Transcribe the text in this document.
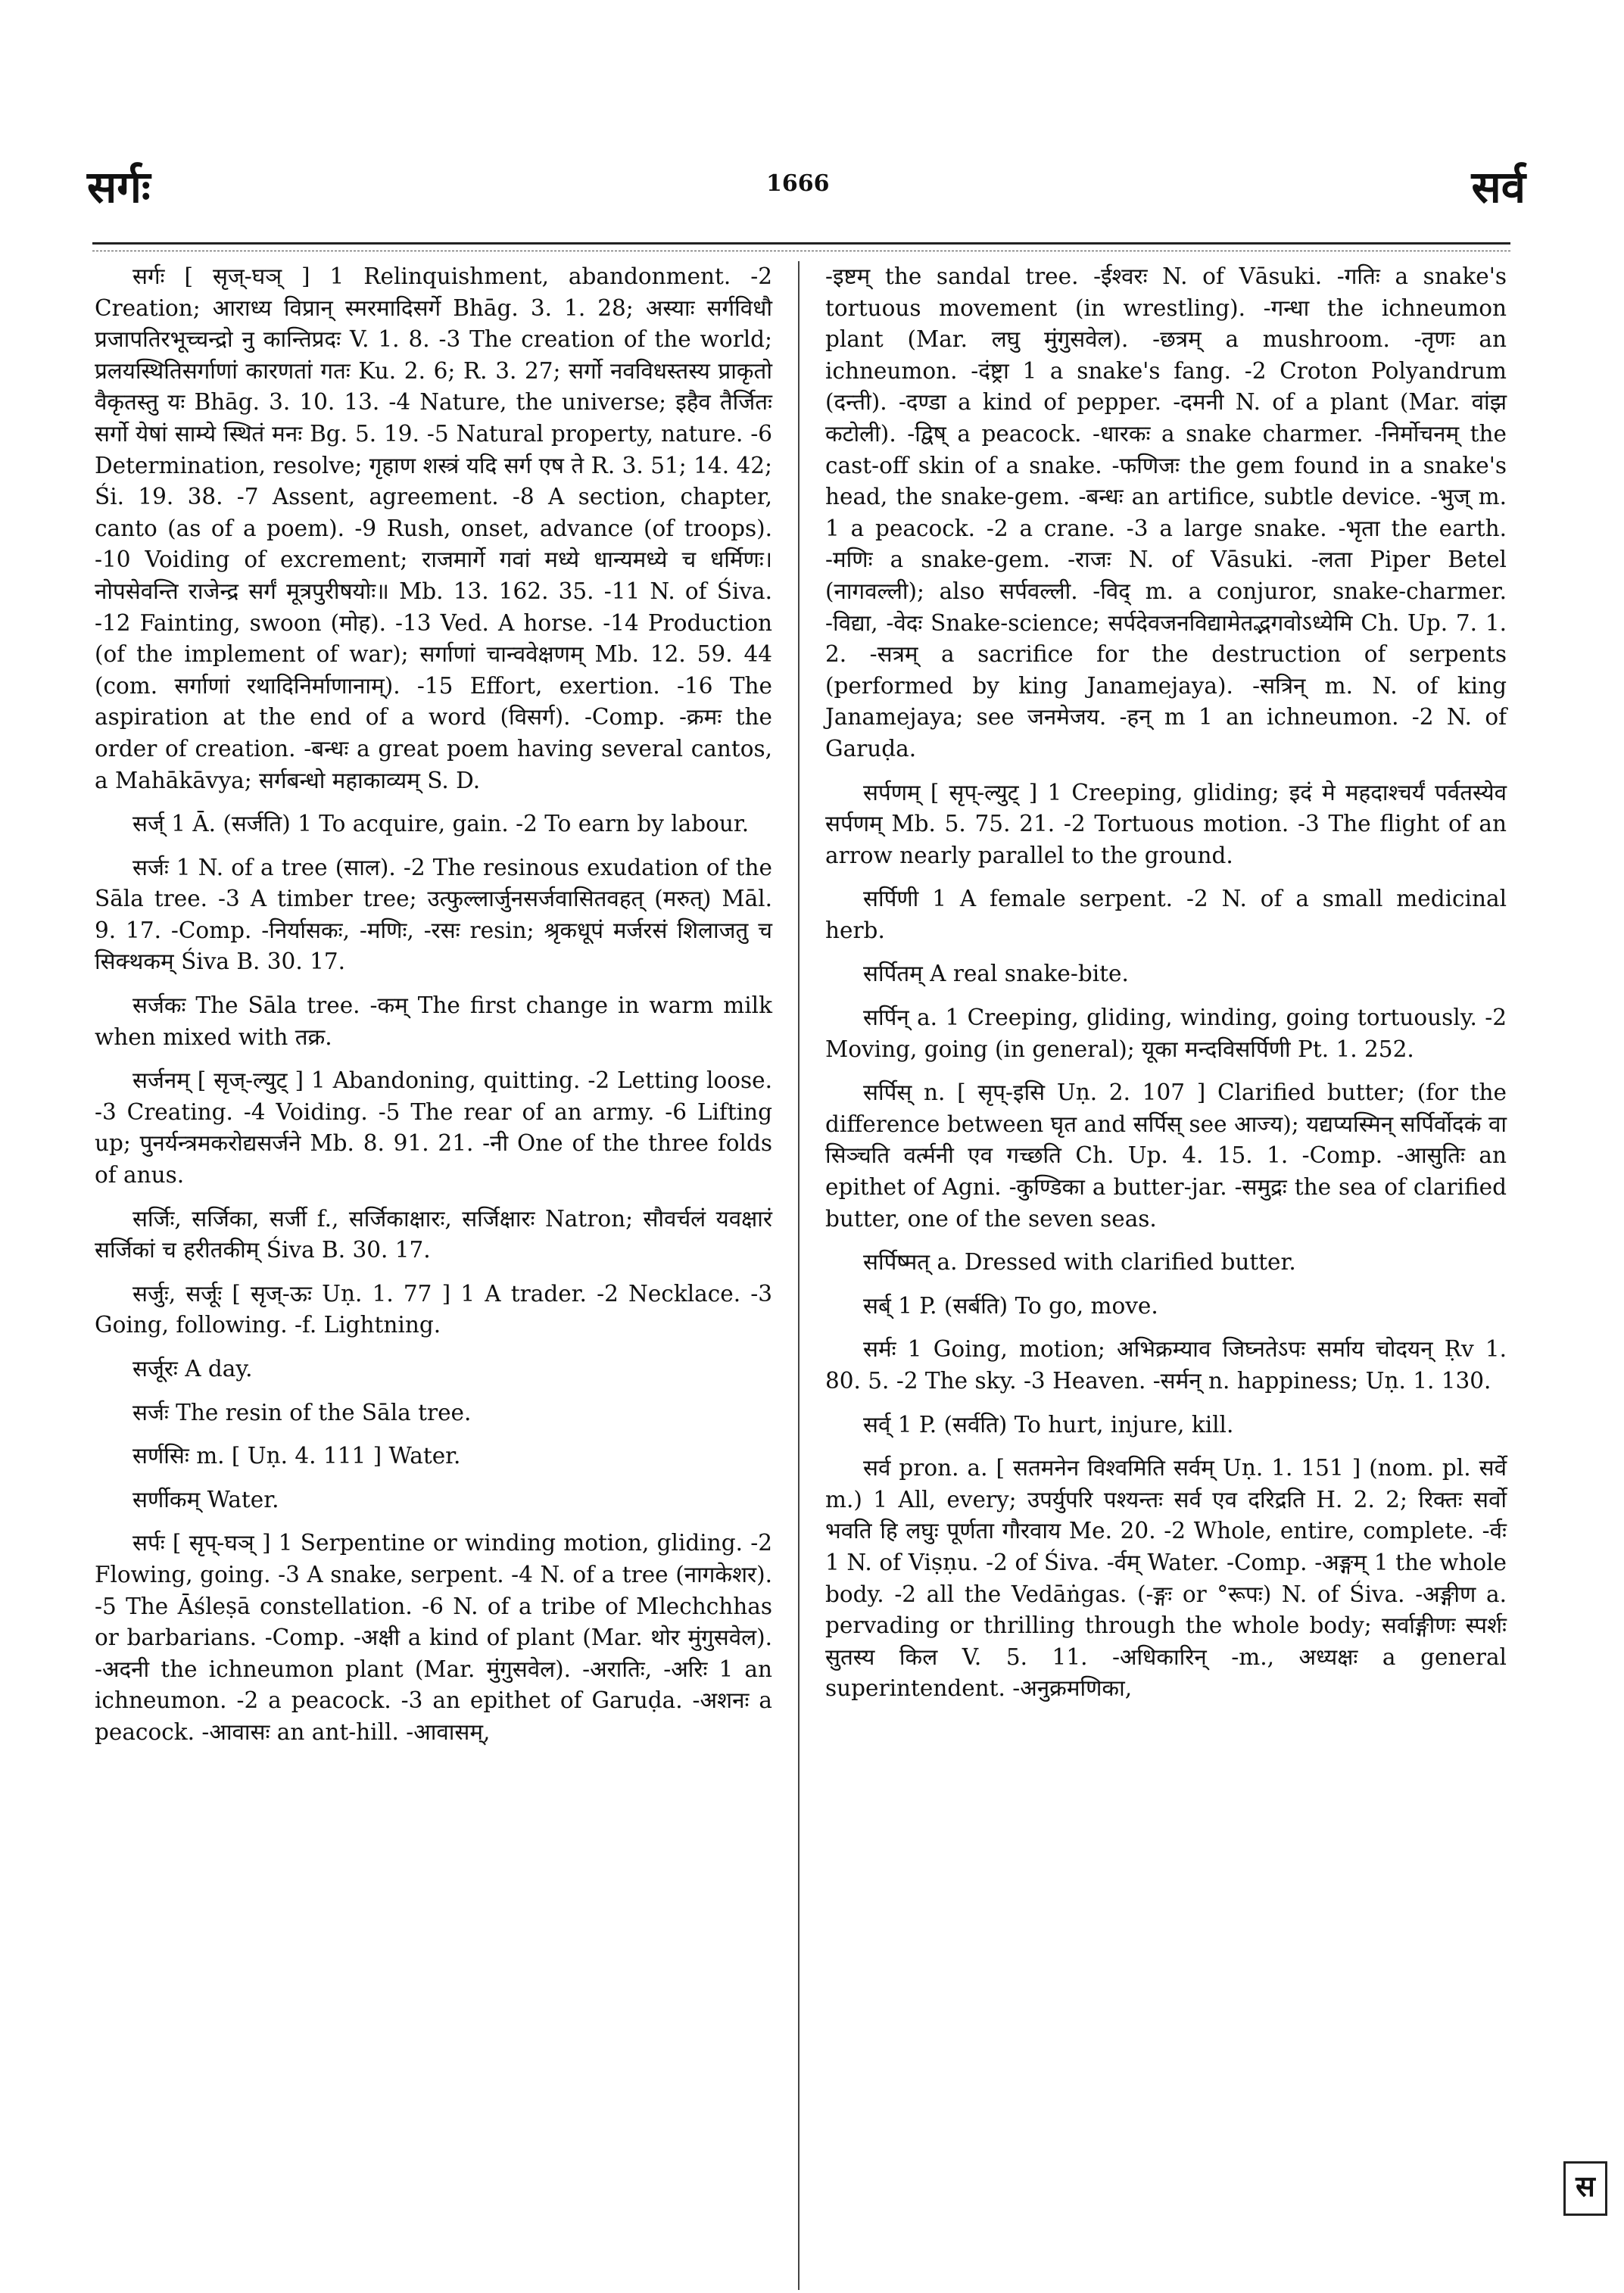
सर्गः	1666	सर्व

सर्गः [ सृज्-घञ् ] 1 Relinquishment, abandonment. -2 Creation; आराध्य विप्रान् स्मरमादिसर्गे Bhāg. 3. 1. 28; अस्याः सर्गविधौ प्रजापतिरभूच्चन्द्रो नु कान्तिप्रदः V. 1. 8. -3 The creation of the world; प्रलयस्थितिसर्गाणां कारणतां गतः Ku. 2. 6; R. 3. 27; सर्गो नवविधस्तस्य प्राकृतो वैकृतस्तु यः Bhāg. 3. 10. 13. -4 Nature, the universe; इहैव तैर्जितः सर्गो येषां साम्ये स्थितं मनः Bg. 5. 19. -5 Natural property, nature. -6 Determination, resolve; गृहाण शस्त्रं यदि सर्ग एष ते R. 3. 51; 14. 42; Śi. 19. 38. -7 Assent, agreement. -8 A section, chapter, canto (as of a poem). -9 Rush, onset, advance (of troops). -10 Voiding of excrement; राजमार्गे गवां मध्ये धान्यमध्ये च धर्मिणः। नोपसेवन्ति राजेन्द्र सर्गं मूत्रपुरीषयोः॥ Mb. 13. 162. 35. -11 N. of Śiva. -12 Fainting, swoon (मोह). -13 Ved. A horse. -14 Production (of the implement of war); सर्गाणां चान्ववेक्षणम् Mb. 12. 59. 44 (com. सर्गाणां रथादिनिर्माणानाम्). -15 Effort, exertion. -16 The aspiration at the end of a word (विसर्ग). -Comp. -क्रमः the order of creation. -बन्धः a great poem having several cantos, a Mahākāvya; सर्गबन्धो महाकाव्यम् S. D.

सर्ज् 1 Ā. (सर्जति) 1 To acquire, gain. -2 To earn by labour.

सर्जः 1 N. of a tree (साल). -2 The resinous exudation of the Sāla tree. -3 A timber tree; उत्फुल्लार्जुनसर्जवासितवहत् (मरुत्) Māl. 9. 17. -Comp. -निर्यासकः, -मणिः, -रसः resin; श्रृकधूपं मर्जरसं शिलाजतु च सिक्थकम् Śiva B. 30. 17.

सर्जकः The Sāla tree. -कम् The first change in warm milk when mixed with तक्र.

सर्जनम् [ सृज्-ल्युट् ] 1 Abandoning, quitting. -2 Letting loose. -3 Creating. -4 Voiding. -5 The rear of an army. -6 Lifting up; पुनर्यन्त्रमकरोद्यसर्जने Mb. 8. 91. 21. -नी One of the three folds of anus.

सर्जिः, सर्जिका, सर्जी f., सर्जिकाक्षारः, सर्जिक्षारः Natron; सौवर्चलं यवक्षारं सर्जिकां च हरीतकीम् Śiva B. 30. 17.

सर्जुः, सर्जूः [ सृज्-ऊः Uṇ. 1. 77 ] 1 A trader. -2 Necklace. -3 Going, following. -f. Lightning.

सर्जूरः A day.

सर्जः The resin of the Sāla tree.

सर्णसिः m. [ Uṇ. 4. 111 ] Water.

सर्णीकम् Water.

सर्पः [ सृप्-घञ् ] 1 Serpentine or winding motion, gliding. -2 Flowing, going. -3 A snake, serpent. -4 N. of a tree (नागकेशर). -5 The Āśleṣā constellation. -6 N. of a tribe of Mlechchhas or barbarians. -Comp. -अक्षी a kind of plant (Mar. थोर मुंगुसवेल). -अदनी the ichneumon plant (Mar. मुंगुसवेल). -अरातिः, -अरिः 1 an ichneumon. -2 a peacock. -3 an epithet of Garuḍa. -अशनः a peacock. -आवासः an ant-hill. -आवासम्,

-इष्टम् the sandal tree. -ईश्वरः N. of Vāsuki. -गतिः a snake's tortuous movement (in wrestling). -गन्धा the ichneumon plant (Mar. लघु मुंगुसवेल). -छत्रम् a mushroom. -तृणः an ichneumon. -दंष्ट्रा 1 a snake's fang. -2 Croton Polyandrum (दन्ती). -दण्डा a kind of pepper. -दमनी N. of a plant (Mar. वांझ कटोली). -द्विष् a peacock. -धारकः a snake charmer. -निर्मोचनम् the cast-off skin of a snake. -फणिजः the gem found in a snake's head, the snake-gem. -बन्धः an artifice, subtle device. -भुज् m. 1 a peacock. -2 a crane. -3 a large snake. -भृता the earth. -मणिः a snake-gem. -राजः N. of Vāsuki. -लता Piper Betel (नागवल्ली); also सर्पवल्ली. -विद् m. a conjuror, snake-charmer. -विद्या, -वेदः Snake-science; सर्पदेवजनविद्यामेतद्भगवोऽध्येमि Ch. Up. 7. 1. 2. -सत्रम् a sacrifice for the destruction of serpents (performed by king Janamejaya). -सत्रिन् m. N. of king Janamejaya; see जनमेजय. -हन् m 1 an ichneumon. -2 N. of Garuḍa.

सर्पणम् [ सृप्-ल्युट् ] 1 Creeping, gliding; इदं मे महदाश्चर्यं पर्वतस्येव सर्पणम् Mb. 5. 75. 21. -2 Tortuous motion. -3 The flight of an arrow nearly parallel to the ground.

सर्पिणी 1 A female serpent. -2 N. of a small medicinal herb.

सर्पितम् A real snake-bite.

सर्पिन् a. 1 Creeping, gliding, winding, going tortuously. -2 Moving, going (in general); यूका मन्दविसर्पिणी Pt. 1. 252.

सर्पिस् n. [ सृप्-इसि Uṇ. 2. 107 ] Clarified butter; (for the difference between घृत and सर्पिस् see आज्य); यद्यप्यस्मिन् सर्पिर्वोदकं वा सिञ्चति वर्त्मनी एव गच्छति Ch. Up. 4. 15. 1. -Comp. -आसुतिः an epithet of Agni. -कुण्डिका a butter-jar. -समुद्रः the sea of clarified butter, one of the seven seas.

सर्पिष्मत् a. Dressed with clarified butter.

सर्ब् 1 P. (सर्बति) To go, move.

सर्मः 1 Going, motion; अभिक्रम्याव जिघ्नतेऽपः सर्माय चोदयन् Ṛv 1. 80. 5. -2 The sky. -3 Heaven. -सर्मन् n. happiness; Uṇ. 1. 130.

सर्व् 1 P. (सर्वति) To hurt, injure, kill.

सर्व pron. a. [ सतमनेन विश्वमिति सर्वम् Uṇ. 1. 151 ] (nom. pl. सर्वे m.) 1 All, every; उपर्युपरि पश्यन्तः सर्व एव दरिद्रति H. 2. 2; रिक्तः सर्वो भवति हि लघुः पूर्णता गौरवाय Me. 20. -2 Whole, entire, complete. -र्वः 1 N. of Viṣṇu. -2 of Śiva. -र्वम् Water. -Comp. -अङ्गम् 1 the whole body. -2 all the Vedāṅgas. (-ङ्गः or °रूपः) N. of Śiva. -अङ्गीण a. pervading or thrilling through the whole body; सर्वाङ्गीणः स्पर्शः सुतस्य किल V. 5. 11. -अधिकारिन् -m., अध्यक्षः a general superintendent. -अनुक्रमणिका,

स
